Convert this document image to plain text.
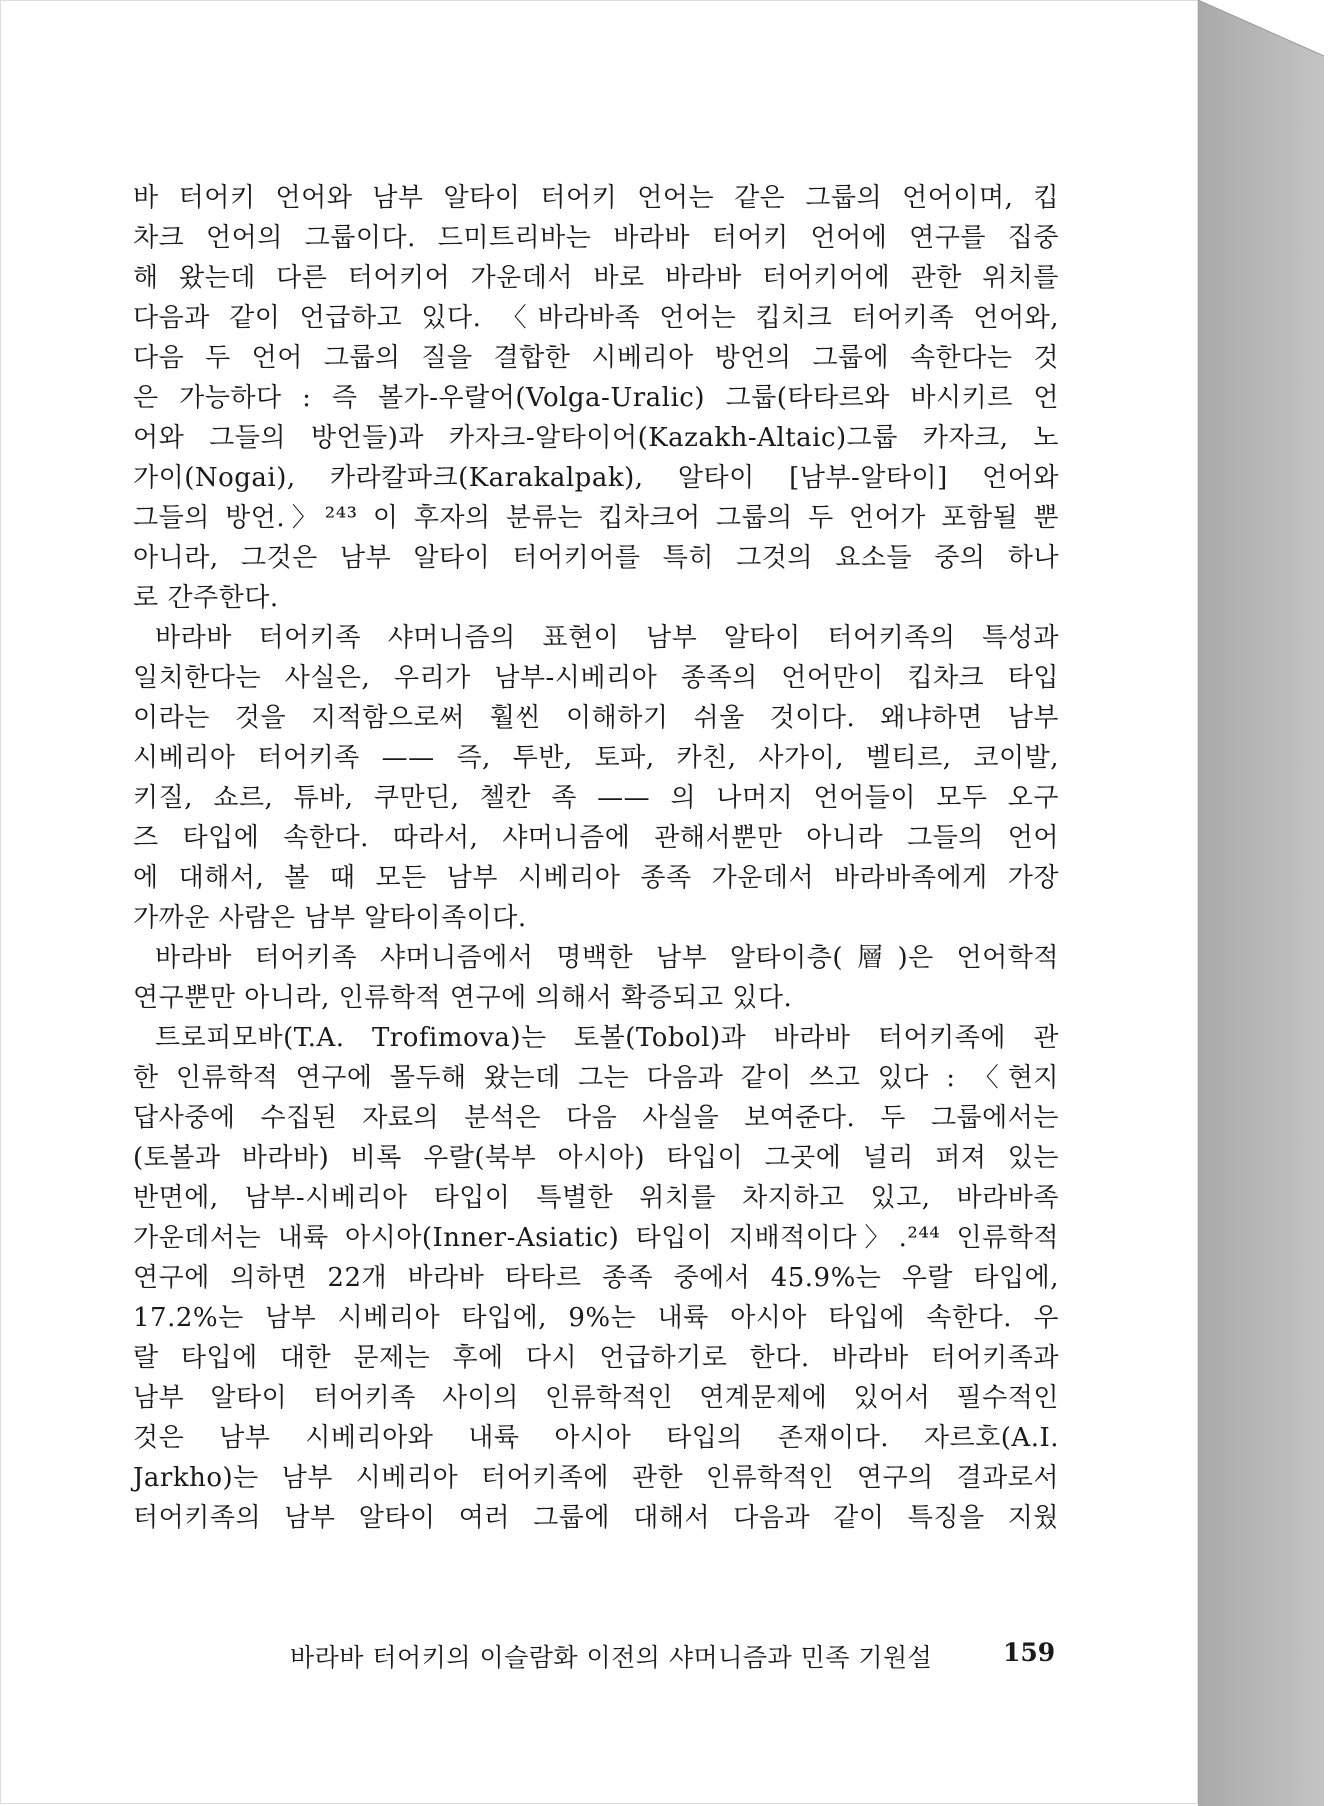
바 터어키 언어와 남부 알타이 터어키 언어는 같은 그룹의 언어이며, 킵
차크 언어의 그룹이다. 드미트리바는 바라바 터어키 언어에 연구를 집중
해 왔는데 다른 터어키어 가운데서 바로 바라바 터어키어에 관한 위치를
다음과 같이 언급하고 있다. 〈바라바족 언어는 킵치크 터어키족 언어와,
다음 두 언어 그룹의 질을 결합한 시베리아 방언의 그룹에 속한다는 것
은 가능하다 : 즉 볼가-우랄어(Volga-Uralic) 그룹(타타르와 바시키르 언
어와 그들의 방언들)과 카자크-알타이어(Kazakh-Altaic)그룹 카자크, 노
가이(Nogai), 카라칼파크(Karakalpak), 알타이 [남부-알타이] 언어와
그들의 방언.〉²⁴³ 이 후자의 분류는 킵차크어 그룹의 두 언어가 포함될 뿐
아니라, 그것은 남부 알타이 터어키어를 특히 그것의 요소들 중의 하나
로 간주한다.
바라바 터어키족 샤머니즘의 표현이 남부 알타이 터어키족의 특성과
일치한다는 사실은, 우리가 남부-시베리아 종족의 언어만이 킵차크 타입
이라는 것을 지적함으로써 훨씬 이해하기 쉬울 것이다. 왜냐하면 남부
시베리아 터어키족 —— 즉, 투반, 토파, 카친, 사가이, 벨티르, 코이발,
키질, 쇼르, 튜바, 쿠만딘, 첼칸 족 —— 의 나머지 언어들이 모두 오구
즈 타입에 속한다. 따라서, 샤머니즘에 관해서뿐만 아니라 그들의 언어
에 대해서, 볼 때 모든 남부 시베리아 종족 가운데서 바라바족에게 가장
가까운 사람은 남부 알타이족이다.
바라바 터어키족 샤머니즘에서 명백한 남부 알타이층(層)은 언어학적
연구뿐만 아니라, 인류학적 연구에 의해서 확증되고 있다.
트로피모바(T.A. Trofimova)는 토볼(Tobol)과 바라바 터어키족에 관
한 인류학적 연구에 몰두해 왔는데 그는 다음과 같이 쓰고 있다 : 〈현지
답사중에 수집된 자료의 분석은 다음 사실을 보여준다. 두 그룹에서는
(토볼과 바라바) 비록 우랄(북부 아시아) 타입이 그곳에 널리 퍼져 있는
반면에, 남부-시베리아 타입이 특별한 위치를 차지하고 있고, 바라바족
가운데서는 내륙 아시아(Inner-Asiatic) 타입이 지배적이다〉.²⁴⁴ 인류학적
연구에 의하면 22개 바라바 타타르 종족 중에서 45.9%는 우랄 타입에,
17.2%는 남부 시베리아 타입에, 9%는 내륙 아시아 타입에 속한다. 우
랄 타입에 대한 문제는 후에 다시 언급하기로 한다. 바라바 터어키족과
남부 알타이 터어키족 사이의 인류학적인 연계문제에 있어서 필수적인
것은 남부 시베리아와 내륙 아시아 타입의 존재이다. 자르호(A.I.
Jarkho)는 남부 시베리아 터어키족에 관한 인류학적인 연구의 결과로서
터어키족의 남부 알타이 여러 그룹에 대해서 다음과 같이 특징을 지웠
바라바 터어키의 이슬람화 이전의 샤머니즘과 민족 기원설	159
